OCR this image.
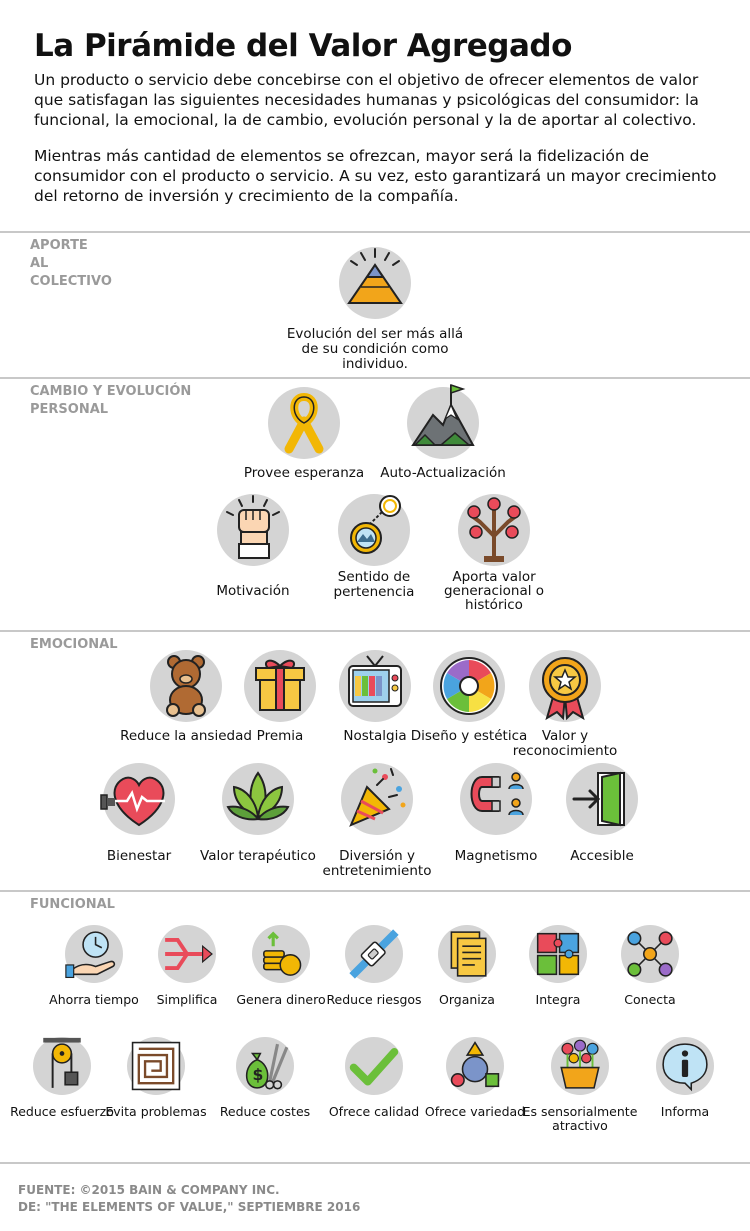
La Pirámide del Valor Agregado

Un producto o servicio debe concebirse con el objetivo de ofrecer elementos de valor que satisfagan las siguientes necesidades humanas y psicológicas del consumidor: la funcional, la emocional, la de cambio, evolución personal y la de aportar al colectivo.

Mientras más cantidad de elementos se ofrezcan, mayor será la fidelización de consumidor con el producto o servicio. A su vez, esto garantizará un mayor crecimiento del retorno de inversión y crecimiento de la compañía.

APORTE AL COLECTIVO
Evolución del ser más allá de su condición como individuo.
CAMBIO Y EVOLUCIÓN PERSONAL
Provee esperanza	Auto-Actualización
Motivación
Sentido de pertenencia
Aporta valor generacional o histórico
EMOCIONAL
Reduce la ansiedad Premia	Nostalgia Diseño y estética	Valor y reconocimiento
Bienestar	Valor terapéutico	Diversión y entretenimiento
Magnetismo	Accesible
FUNCIONAL
Ahorra tiempo	Simplifica	Genera dinero Reduce riesgos	Organiza	Integra	Conecta
Reduce esfuerzo
Evita problemas
$
Reduce costes	Ofrece calidad Ofrece variedad
Es sensorialmente atractivo
Informa
FUENTE: ©2015 BAIN & COMPANY INC.
DE: "THE ELEMENTS OF VALUE," SEPTIEMBRE 2016
